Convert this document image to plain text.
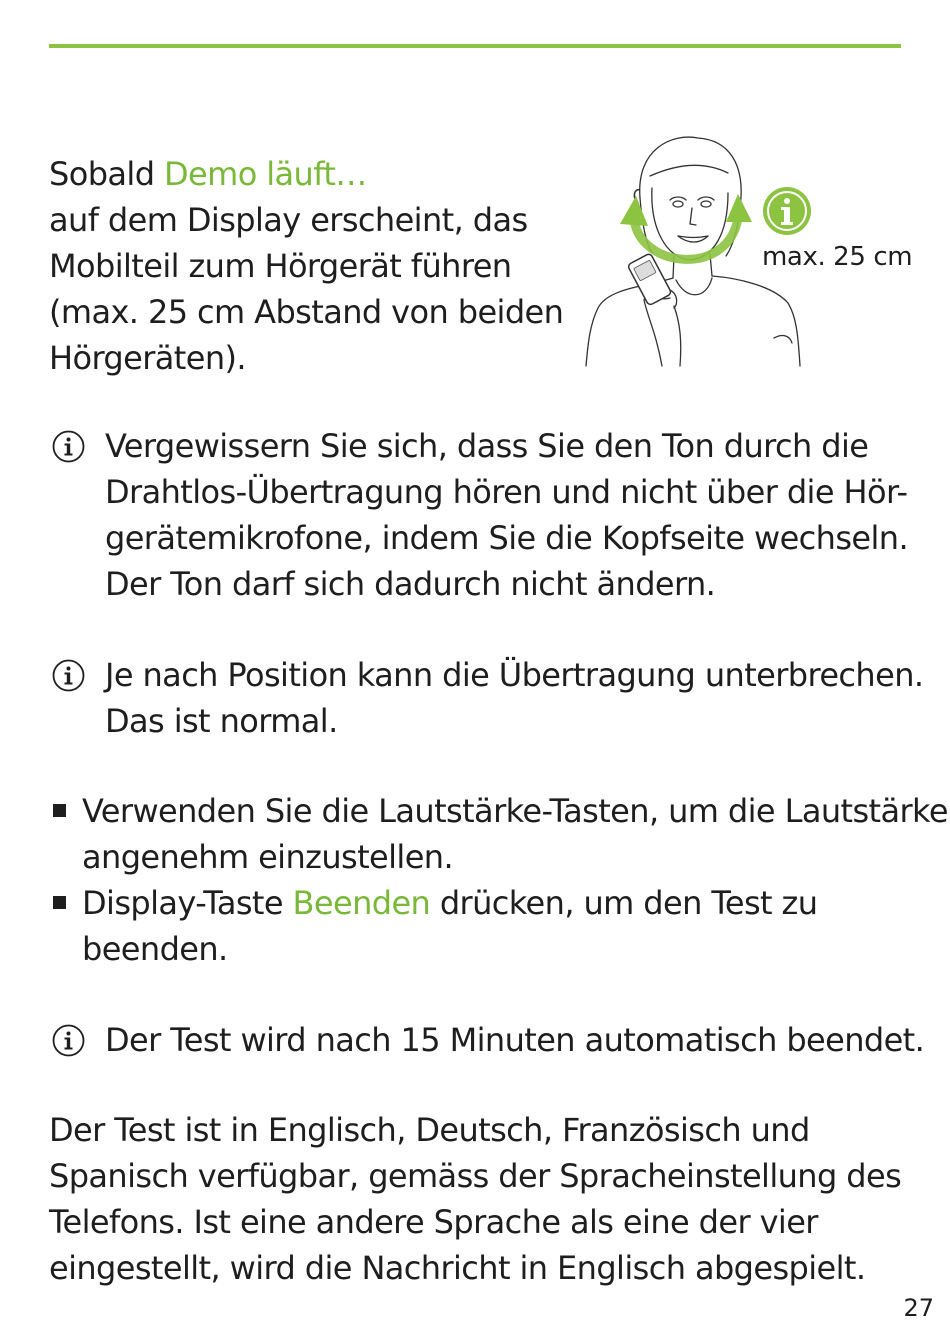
Sobald Demo läuft…
auf dem Display erscheint, das
Mobilteil zum Hörgerät führen
(max. 25 cm Abstand von beiden
Hörgeräten).
max. 25 cm
Vergewissern Sie sich, dass Sie den Ton durch die
Drahtlos-Übertragung hören und nicht über die Hör-
gerätemikrofone, indem Sie die Kopfseite wechseln.
Der Ton darf sich dadurch nicht ändern.
Je nach Position kann die Übertragung unterbrechen.
Das ist normal.
Verwenden Sie die Lautstärke-Tasten, um die Lautstärke
angenehm einzustellen.
Display-Taste Beenden drücken, um den Test zu
beenden.
Der Test wird nach 15 Minuten automatisch beendet.
Der Test ist in Englisch, Deutsch, Französisch und
Spanisch verfügbar, gemäss der Spracheinstellung des
Telefons. Ist eine andere Sprache als eine der vier
eingestellt, wird die Nachricht in Englisch abgespielt.
27
